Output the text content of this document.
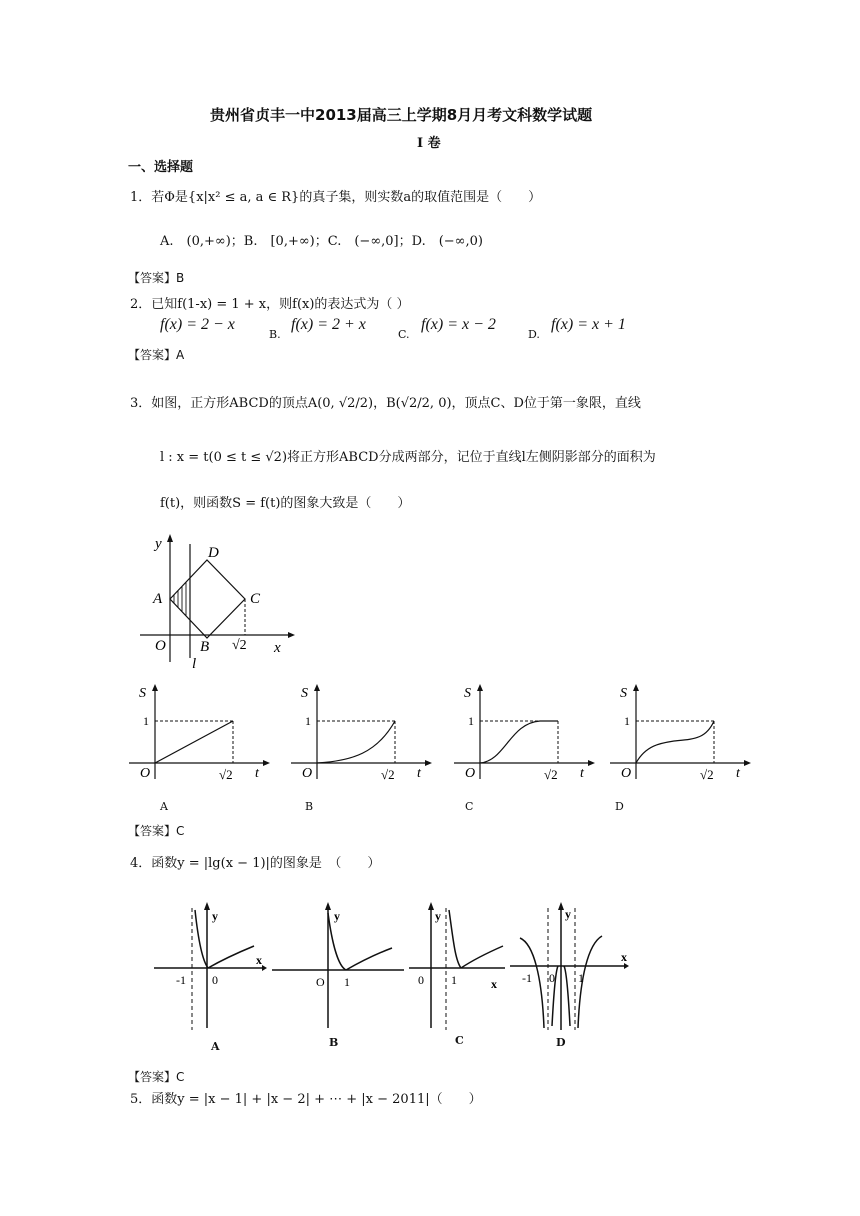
贵州省贞丰一中2013届高三上学期8月月考文科数学试题
I 卷
一、选择题
1．若Φ是{x|x² ≤ a, a ∈ R}的真子集，则实数a的取值范围是（　　）
A.　(0,+∞)；B.　[0,+∞)；C.　(−∞,0]；D.　(−∞,0)
【答案】B
2．已知f(1-x) = 1 + x，则f(x)的表达式为（ ）
f(x) = 2 − x
B.
f(x) = 2 + x
C.
f(x) = x − 2
D.
f(x) = x + 1
【答案】A
3．如图，正方形ABCD的顶点A(0, √2/2)，B(√2/2, 0)，顶点C、D位于第一象限，直线
l : x = t(0 ≤ t ≤ √2)将正方形ABCD分成两部分，记位于直线l左侧阴影部分的面积为
f(t)，则函数S = f(t)的图象大致是（　　）
y
D
A	C
O B √2 x
l
S
1
O	√2 t
S
1
O	√2 t
S
1
O	√2 t
S
1
O	√2 t
A	B	C	D
【答案】C
4．函数y = |lg(x − 1)|的图象是　（　　）
-1 0
y
x
O 1
y
0 1
y
x -1 0 1
y
x
A	B	C	D
【答案】C
5．函数y = |x − 1| + |x − 2| + ⋯ + |x − 2011|（　　）
